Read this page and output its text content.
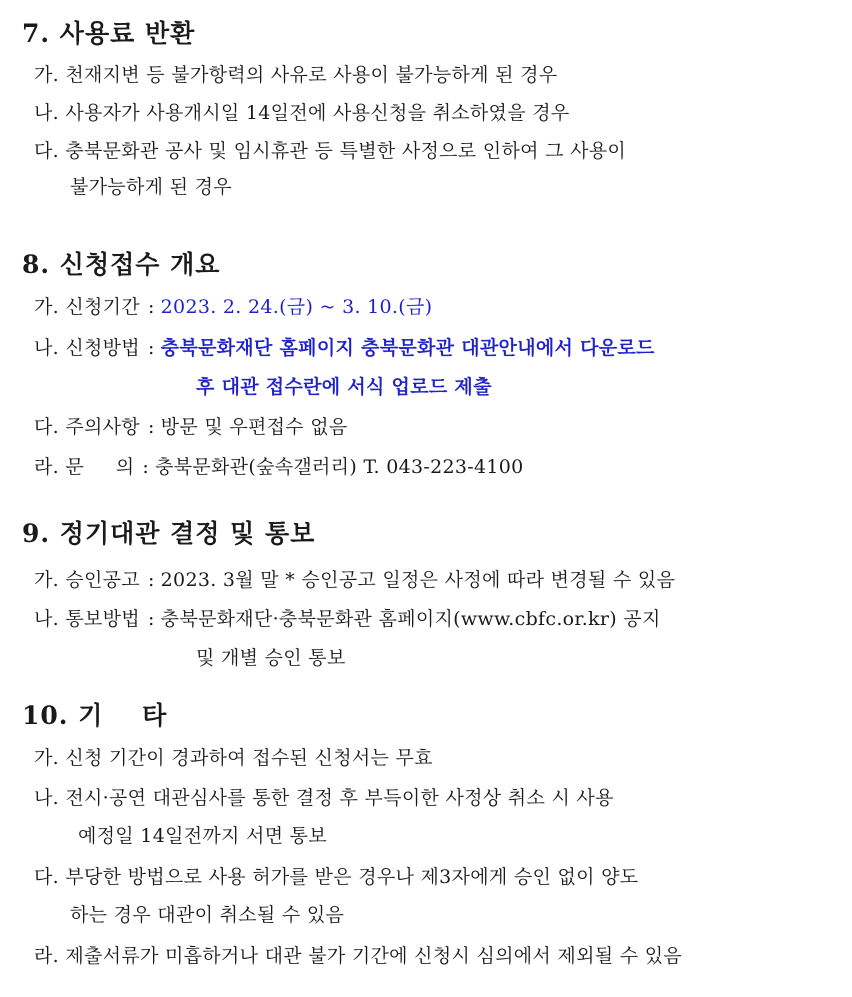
7. 사용료 반환
가. 천재지변 등 불가항력의 사유로 사용이 불가능하게 된 경우
나. 사용자가 사용개시일 14일전에 사용신청을 취소하였을 경우
다. 충북문화관 공사 및 임시휴관 등 특별한 사정으로 인하여 그 사용이
불가능하게 된 경우
8. 신청접수 개요
가. 신청기간 : 2023. 2. 24.(금) ~ 3. 10.(금)
나. 신청방법 : 충북문화재단 홈페이지 충북문화관 대관안내에서 다운로드
후 대관 접수란에 서식 업로드 제출
다. 주의사항 : 방문 및 우편접수 없음
라. 문     의 : 충북문화관(숲속갤러리) T. 043-223-4100
9. 정기대관 결정 및 통보
가. 승인공고 : 2023. 3월 말 * 승인공고 일정은 사정에 따라 변경될 수 있음
나. 통보방법 : 충북문화재단·충북문화관 홈페이지(www.cbfc.or.kr) 공지
및 개별 승인 통보
10. 기    타
가. 신청 기간이 경과하여 접수된 신청서는 무효
나. 전시·공연 대관심사를 통한 결정 후 부득이한 사정상 취소 시 사용
예정일 14일전까지 서면 통보
다. 부당한 방법으로 사용 허가를 받은 경우나 제3자에게 승인 없이 양도
하는 경우 대관이 취소될 수 있음
라. 제출서류가 미흡하거나 대관 불가 기간에 신청시 심의에서 제외될 수 있음
